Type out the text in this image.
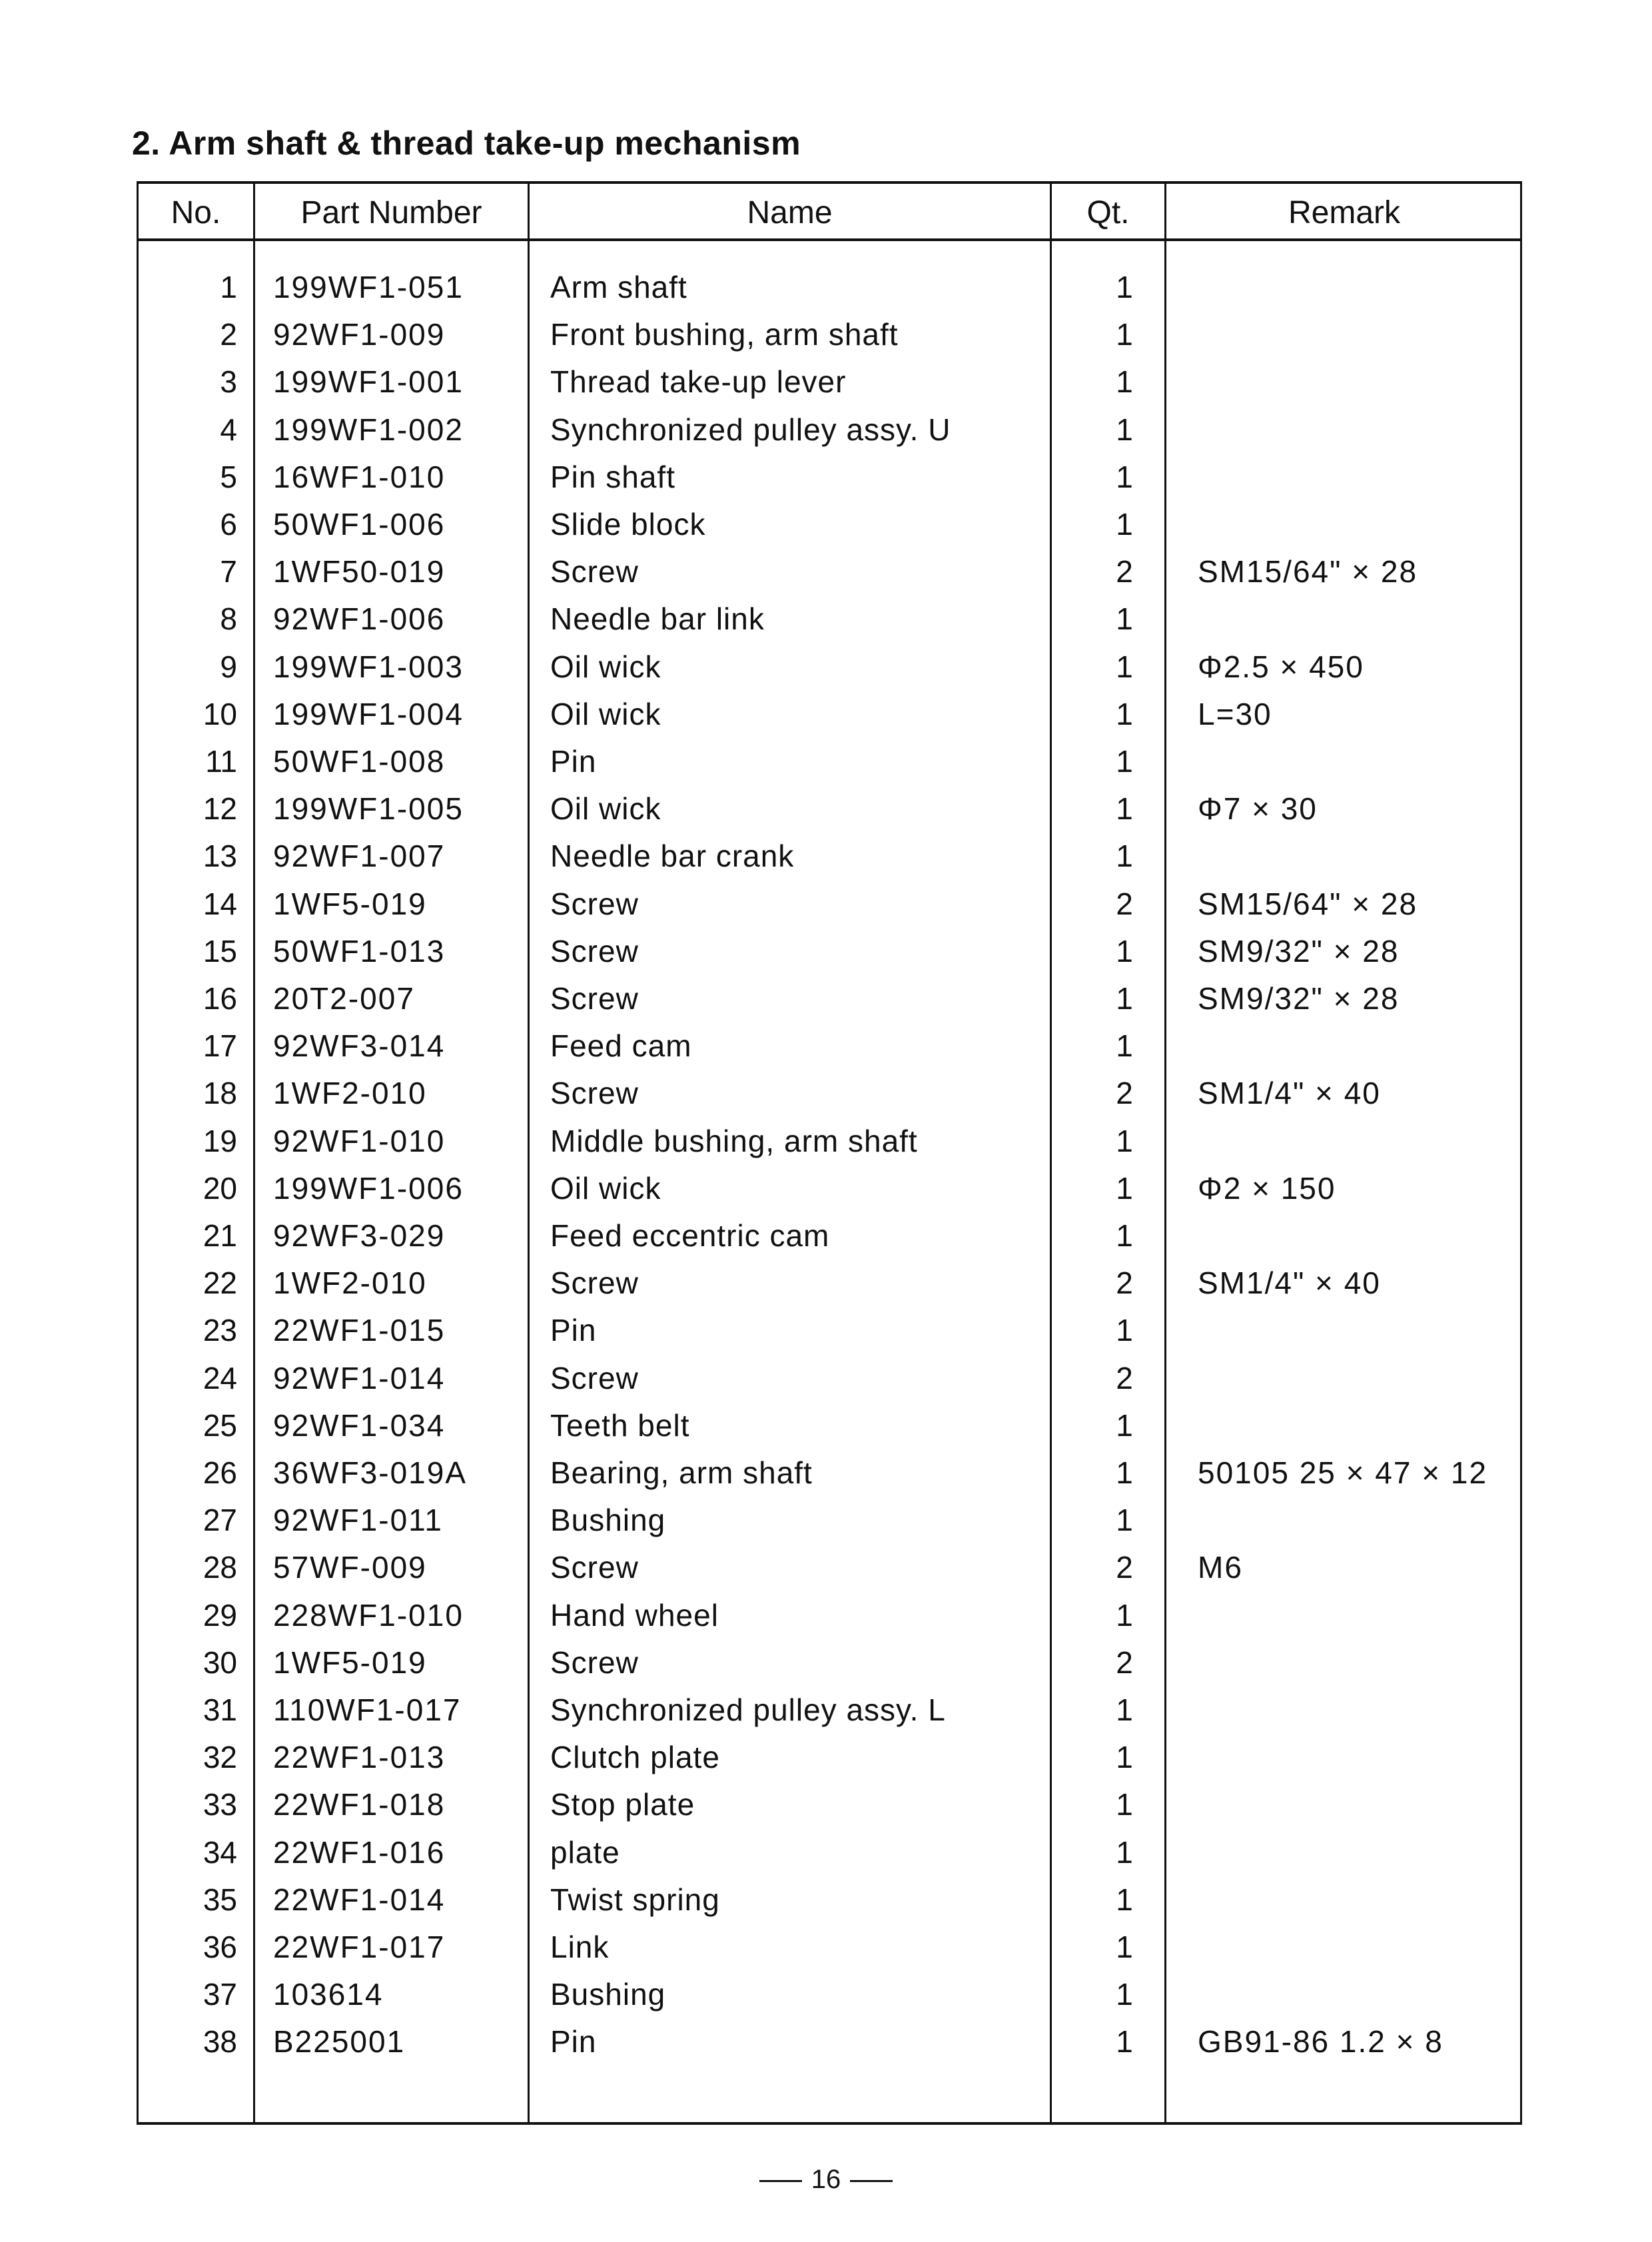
2. Arm shaft & thread take-up mechanism
No.	Part Number	Name	Qt.	Remark
1 199WF1-051	Arm shaft	1
2 92WF1-009	Front bushing, arm shaft	1
3 199WF1-001	Thread take-up lever	1
4 199WF1-002	Synchronized pulley assy. U	1
5 16WF1-010	Pin shaft	1
6 50WF1-006	Slide block	1
7 1WF50-019	Screw	2	SM15/64" × 28
8 92WF1-006	Needle bar link	1
9 199WF1-003	Oil wick	1	Φ2.5 × 450
10 199WF1-004	Oil wick	1	L=30
11 50WF1-008	Pin	1
12 199WF1-005	Oil wick	1	Φ7 × 30
13 92WF1-007	Needle bar crank	1
14 1WF5-019	Screw	2	SM15/64" × 28
15 50WF1-013	Screw	1	SM9/32" × 28
16 20T2-007	Screw	1	SM9/32" × 28
17 92WF3-014	Feed cam	1
18 1WF2-010	Screw	2	SM1/4" × 40
19 92WF1-010	Middle bushing, arm shaft	1
20 199WF1-006	Oil wick	1	Φ2 × 150
21 92WF3-029	Feed eccentric cam	1
22 1WF2-010	Screw	2	SM1/4" × 40
23 22WF1-015	Pin	1
24 92WF1-014	Screw	2
25 92WF1-034	Teeth belt	1
26 36WF3-019A	Bearing, arm shaft	1	50105 25 × 47 × 12
27 92WF1-011	Bushing	1
28 57WF-009	Screw	2	M6
29 228WF1-010	Hand wheel	1
30 1WF5-019	Screw	2
31 110WF1-017	Synchronized pulley assy. L	1
32 22WF1-013	Clutch plate	1
33 22WF1-018	Stop plate	1
34 22WF1-016	plate	1
35 22WF1-014	Twist spring	1
36 22WF1-017	Link	1
37 103614	Bushing	1
38 B225001	Pin	1	GB91-86 1.2 × 8
16
